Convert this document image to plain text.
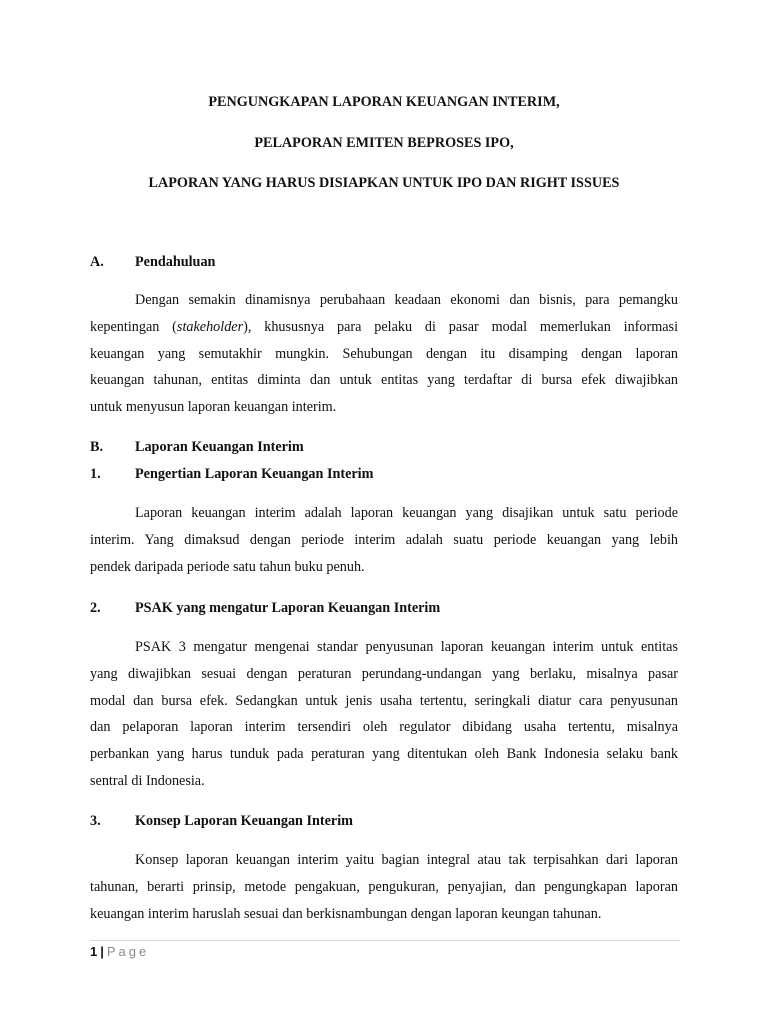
PENGUNGKAPAN LAPORAN KEUANGAN INTERIM,
PELAPORAN EMITEN BEPROSES IPO,
LAPORAN YANG HARUS DISIAPKAN UNTUK IPO DAN RIGHT ISSUES
A. Pendahuluan
Dengan semakin dinamisnya perubahaan keadaan ekonomi dan bisnis, para pemangku
kepentingan (stakeholder), khususnya para pelaku di pasar modal memerlukan informasi
keuangan yang semutakhir mungkin. Sehubungan dengan itu disamping dengan laporan
keuangan tahunan, entitas diminta dan untuk entitas yang terdaftar di bursa efek diwajibkan
untuk menyusun laporan keuangan interim.
B. Laporan Keuangan Interim
1. Pengertian Laporan Keuangan Interim
Laporan keuangan interim adalah laporan keuangan yang disajikan untuk satu periode
interim. Yang dimaksud dengan periode interim adalah suatu periode keuangan yang lebih
pendek daripada periode satu tahun buku penuh.
2. PSAK yang mengatur Laporan Keuangan Interim
PSAK 3 mengatur mengenai standar penyusunan laporan keuangan interim untuk entitas
yang diwajibkan sesuai dengan peraturan perundang-undangan yang berlaku, misalnya pasar
modal dan bursa efek. Sedangkan untuk jenis usaha tertentu, seringkali diatur cara penyusunan
dan pelaporan laporan interim tersendiri oleh regulator dibidang usaha tertentu, misalnya
perbankan yang harus tunduk pada peraturan yang ditentukan oleh Bank Indonesia selaku bank
sentral di Indonesia.
3. Konsep Laporan Keuangan Interim
Konsep laporan keuangan interim yaitu bagian integral atau tak terpisahkan dari laporan
tahunan, berarti prinsip, metode pengakuan, pengukuran, penyajian, dan pengungkapan laporan
keuangan interim haruslah sesuai dan berkisnambungan dengan laporan keungan tahunan.
1 | Page
